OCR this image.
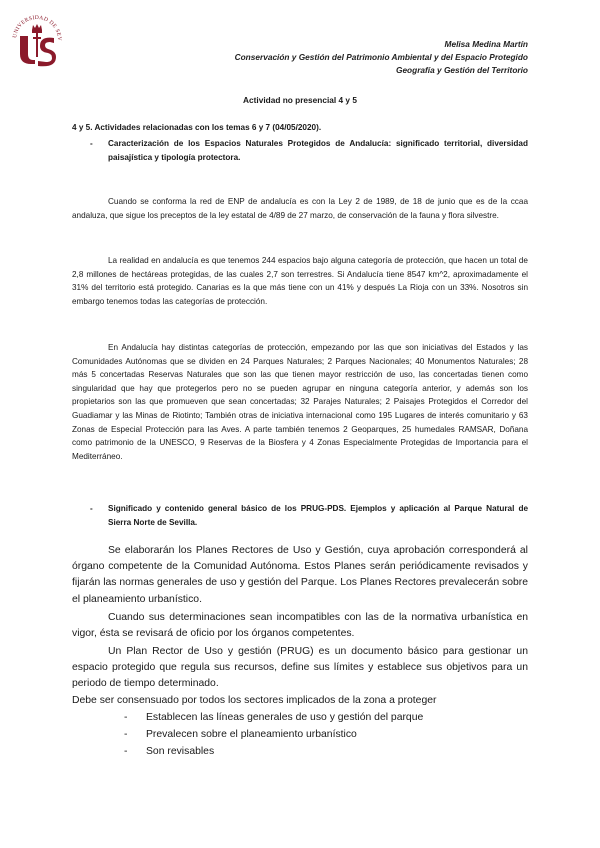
UNIVERSIDAD DE SEV
Melisa Medina Martín
Conservación y Gestión del Patrimonio Ambiental y del Espacio Protegido
Geografía y Gestión del Territorio
Actividad no presencial 4 y 5
4 y 5. Actividades relacionadas con los temas 6 y 7 (04/05/2020).
- Caracterización de los Espacios Naturales Protegidos de Andalucía: significado territorial, diversidad paisajística y tipología protectora.
Cuando se conforma la red de ENP de andalucía es con la Ley 2 de 1989, de 18 de junio que es de la ccaa andaluza, que sigue los preceptos de la ley estatal de 4/89 de 27 marzo, de conservación de la fauna y flora silvestre.
La realidad en andalucía es que tenemos 244 espacios bajo alguna categoría de protección, que hacen un total de 2,8 millones de hectáreas protegidas, de las cuales 2,7 son terrestres. Si Andalucía tiene 8547 km^2, aproximadamente el 31% del territorio está protegido. Canarias es la que más tiene con un 41% y después La Rioja con un 33%. Nosotros sin embargo tenemos todas las categorías de protección.
En Andalucía hay distintas categorías de protección, empezando por las que son iniciativas del Estados y las Comunidades Autónomas que se dividen en 24 Parques Naturales; 2 Parques Nacionales; 40 Monumentos Naturales; 28 más 5 concertadas Reservas Naturales que son las que tienen mayor restricción de uso, las concertadas tienen como singularidad que hay que protegerlos pero no se pueden agrupar en ninguna categoría anterior, y además son los propietarios son las que promueven que sean concertadas; 32 Parajes Naturales; 2 Paisajes Protegidos el Corredor del Guadiamar y las Minas de Riotinto; También otras de iniciativa internacional como 195 Lugares de interés comunitario y 63 Zonas de Especial Protección para las Aves. A parte también tenemos 2 Geoparques, 25 humedales RAMSAR, Doñana como patrimonio de la UNESCO, 9 Reservas de la Biosfera y 4 Zonas Especialmente Protegidas de Importancia para el Mediterráneo.
- Significado y contenido general básico de los PRUG-PDS. Ejemplos y aplicación al Parque Natural de Sierra Norte de Sevilla.
Se elaborarán los Planes Rectores de Uso y Gestión, cuya aprobación corresponderá al órgano competente de la Comunidad Autónoma. Estos Planes serán periódicamente revisados y fijarán las normas generales de uso y gestión del Parque. Los Planes Rectores prevalecerán sobre el planeamiento urbanístico.
Cuando sus determinaciones sean incompatibles con las de la normativa urbanística en vigor, ésta se revisará de oficio por los órganos competentes.
Un Plan Rector de Uso y gestión (PRUG) es un documento básico para gestionar un espacio protegido que regula sus recursos, define sus límites y establece sus objetivos para un periodo de tiempo determinado.
Debe ser consensuado por todos los sectores implicados de la zona a proteger
- Establecen las líneas generales de uso y gestión del parque
- Prevalecen sobre el planeamiento urbanístico
- Son revisables
